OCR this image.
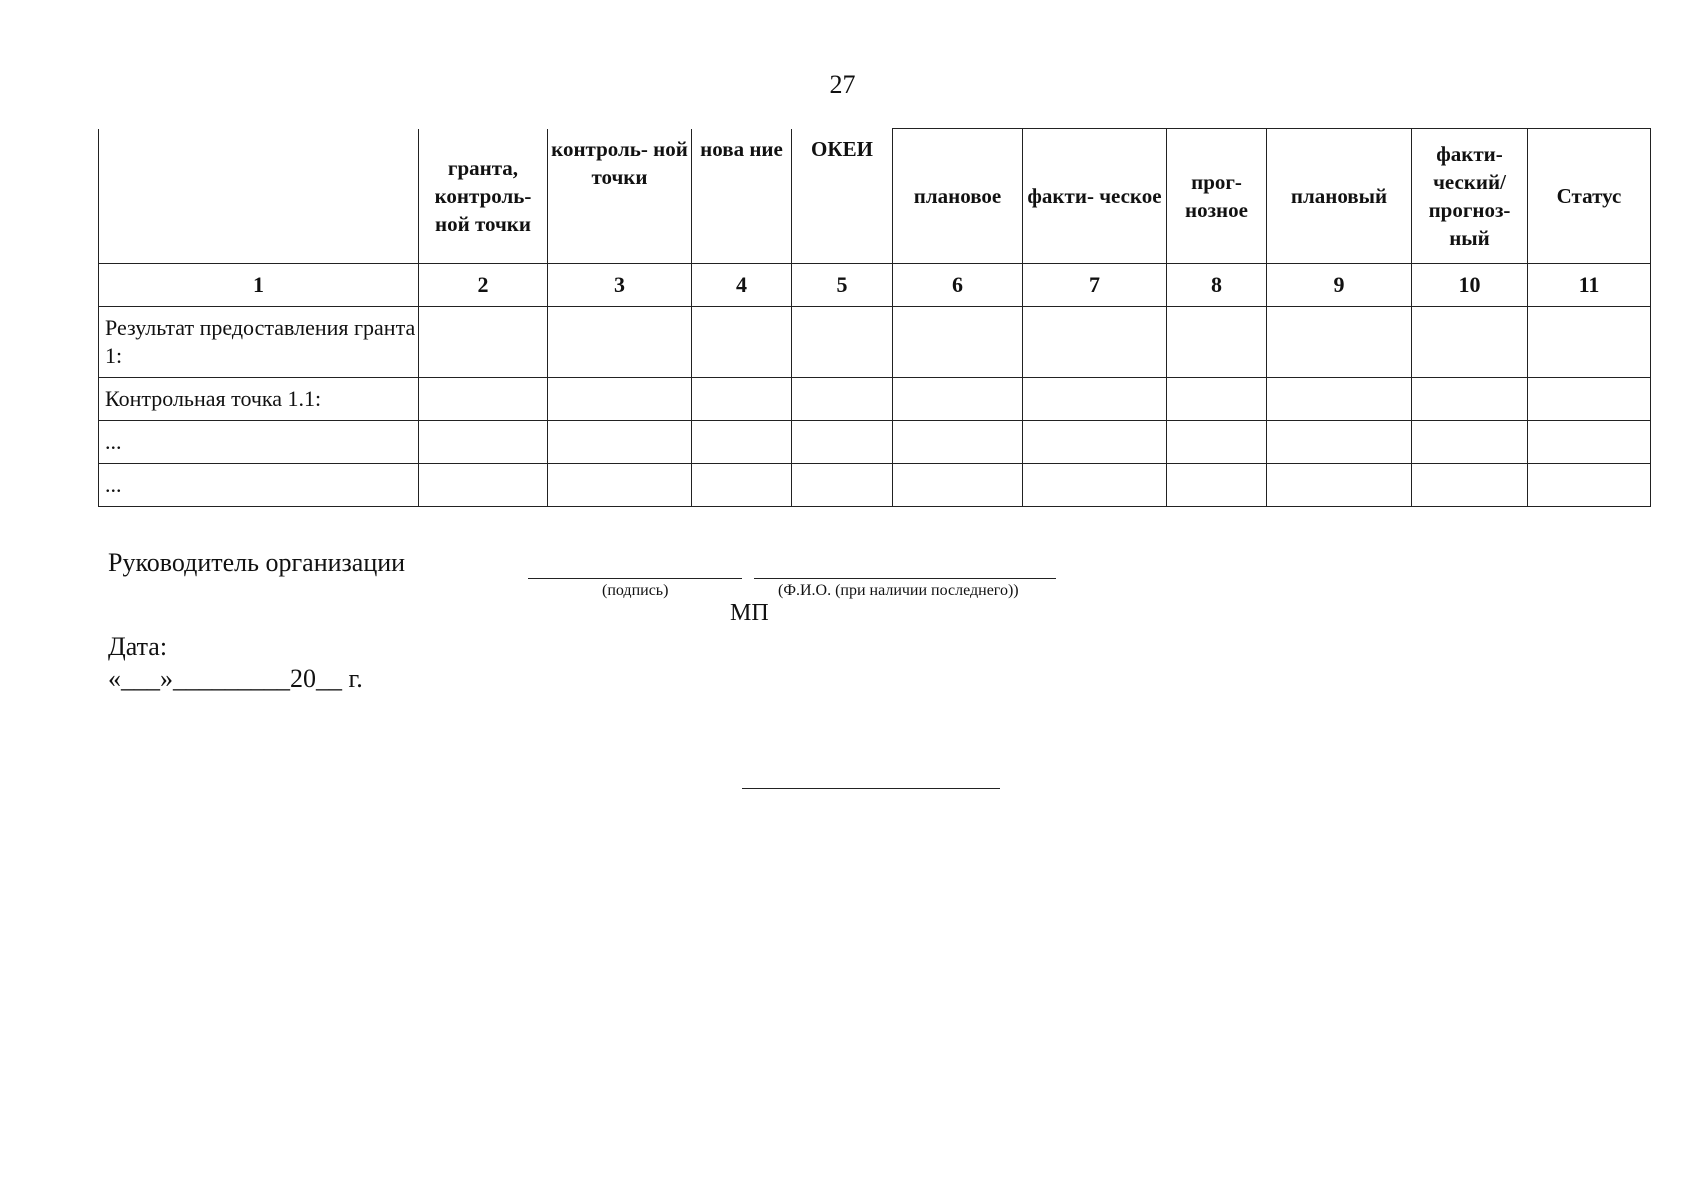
27
	гранта, контроль- ной точки	контроль- ной точки	нова ние	ОКЕИ	плановое	факти- ческое	прог- нозное	плановый	факти- ческий/ прогноз- ный	Статус
1	2	3	4	5	6	7	8	9	10	11
Результат предоставления гранта 1:										
Контрольная точка 1.1:										
...										
...										
Руководитель организации
(подпись)	(Ф.И.О. (при наличии последнего))
МП
Дата:
«___»_________20__ г.
